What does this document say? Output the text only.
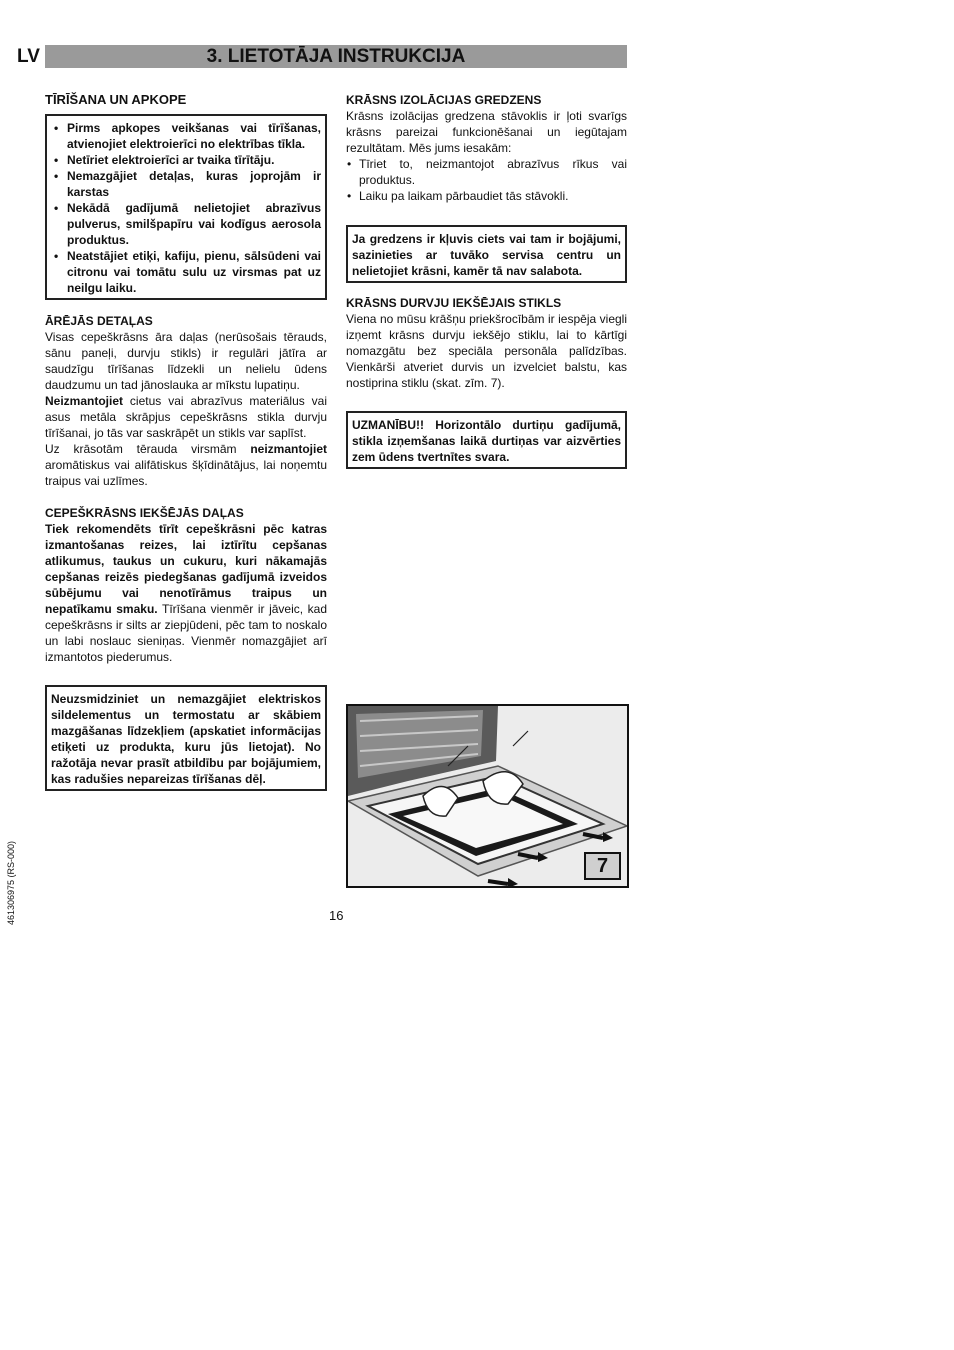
LV	3. LIETOTĀJA INSTRUKCIJA
TĪRĪŠANA UN APKOPE
• Pirms apkopes veikšanas vai tīrīšanas, atvienojiet elektroierīci no elektrības tīkla.
• Netīriet elektroierīci ar tvaika tīrītāju.
• Nemazgājiet detaļas, kuras joprojām ir karstas
• Nekādā gadījumā nelietojiet abrazīvus pulverus, smilšpapīru vai kodīgus aerosola produktus.
• Neatstājiet etiķi, kafiju, pienu, sālsūdeni vai citronu vai tomātu sulu uz virsmas pat uz neilgu laiku.
ĀRĒJĀS DETAĻAS

Visas cepeškrāsns āra daļas (nerūsošais tērauds, sānu paneļi, durvju stikls) ir regulāri jātīra ar saudzīgu tīrīšanas līdzekli un nelielu ūdens daudzumu un tad jānoslauka ar mīkstu lupatiņu.

Neizmantojiet cietus vai abrazīvus materiālus vai asus metāla skrāpjus cepeškrāsns stikla durvju tīrīšanai, jo tās var saskrāpēt un stikls var saplīst.

Uz krāsotām tērauda virsmām neizmantojiet aromātiskus vai alifātiskus šķīdinātājus, lai noņemtu traipus vai uzlīmes.

CEPEŠKRĀSNS IEKŠĒJĀS DAĻAS

Tiek rekomendēts tīrīt cepeškrāsni pēc katras izmantošanas reizes, lai iztīrītu cepšanas atlikumus, taukus un cukuru, kuri nākamajās cepšanas reizēs piedegšanas gadījumā izveidos sūbējumu vai nenotīrāmus traipus un nepatīkamu smaku. Tīrīšana vienmēr ir jāveic, kad cepeškrāsns ir silts ar ziepjūdeni, pēc tam to noskalo un labi noslauc sieniņas. Vienmēr nomazgājiet arī izmantotos piederumus.

Neuzsmidziniet un nemazgājiet elektriskos sildelementus un termostatu ar skābiem mazgāšanas līdzekļiem (apskatiet informācijas etiķeti uz produkta, kuru jūs lietojat). No ražotāja nevar prasīt atbildību par bojājumiem, kas radušies nepareizas tīrīšanas dēļ.

KRĀSNS IZOLĀCIJAS GREDZENS

Krāsns izolācijas gredzena stāvoklis ir ļoti svarīgs krāsns pareizai funkcionēšanai un iegūtajam rezultātam. Mēs jums iesakām:

• Tīriet to, neizmantojot abrazīvus rīkus vai produktus.
• Laiku pa laikam pārbaudiet tās stāvokli.

Ja gredzens ir kļuvis ciets vai tam ir bojājumi, sazinieties ar tuvāko servisa centru un nelietojiet krāsni, kamēr tā nav salabota.

KRĀSNS DURVJU IEKŠĒJAIS STIKLS

Viena no mūsu krāšņu priekšrocībām ir iespēja viegli izņemt krāsns durvju iekšējo stiklu, lai to kārtīgi nomazgātu bez speciāla personāla palīdzības. Vienkārši atveriet durvis un izvelciet balstu, kas nostiprina stiklu (skat. zīm. 7).

UZMANĪBU!! Horizontālo durtiņu gadījumā, stikla izņemšanas laikā durtiņas var aizvērties zem ūdens tvertnītes svara.

7
16
461306975 (RS-000)
